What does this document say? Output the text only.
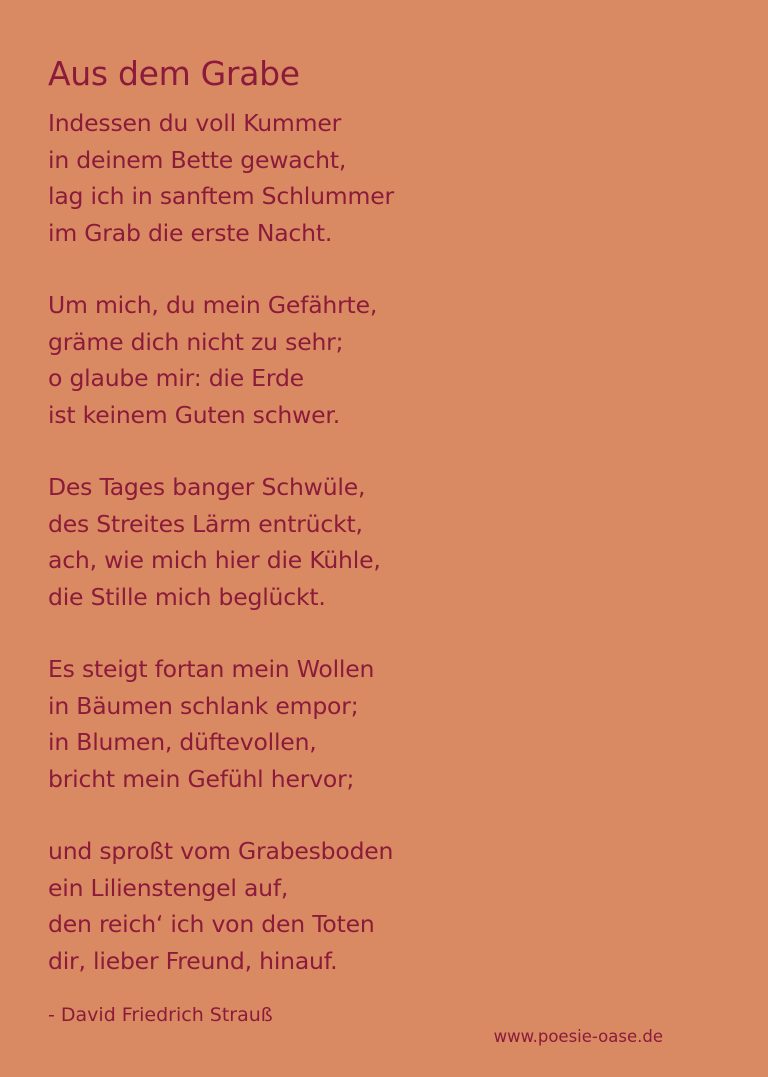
Aus dem Grabe
Indessen du voll Kummer
in deinem Bette gewacht,
lag ich in sanftem Schlummer
im Grab die erste Nacht.
Um mich, du mein Gefährte,
gräme dich nicht zu sehr;
o glaube mir: die Erde
ist keinem Guten schwer.
Des Tages banger Schwüle,
des Streites Lärm entrückt,
ach, wie mich hier die Kühle,
die Stille mich beglückt.
Es steigt fortan mein Wollen
in Bäumen schlank empor;
in Blumen, düftevollen,
bricht mein Gefühl hervor;
und sproßt vom Grabesboden
ein Lilienstengel auf,
den reich‘ ich von den Toten
dir, lieber Freund, hinauf.
- David Friedrich Strauß
www.poesie-oase.de
